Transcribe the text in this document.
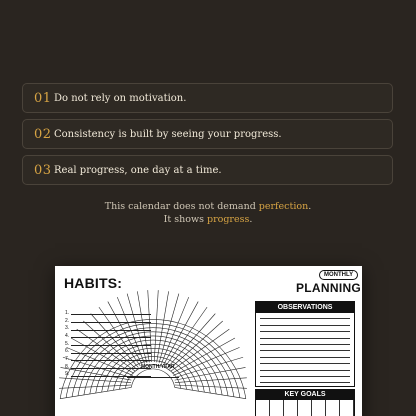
01 Do not rely on motivation.
02 Consistency is built by seeing your progress.
03 Real progress, one day at a time.
This calendar does not demand perfection.
It shows progress.
HABITS:	MONTHLY
PLANNING
1.
2.
3.
4.
5.
6.
7.
8.
9.
MONTH/YEAR
OBSERVATIONS
KEY GOALS
